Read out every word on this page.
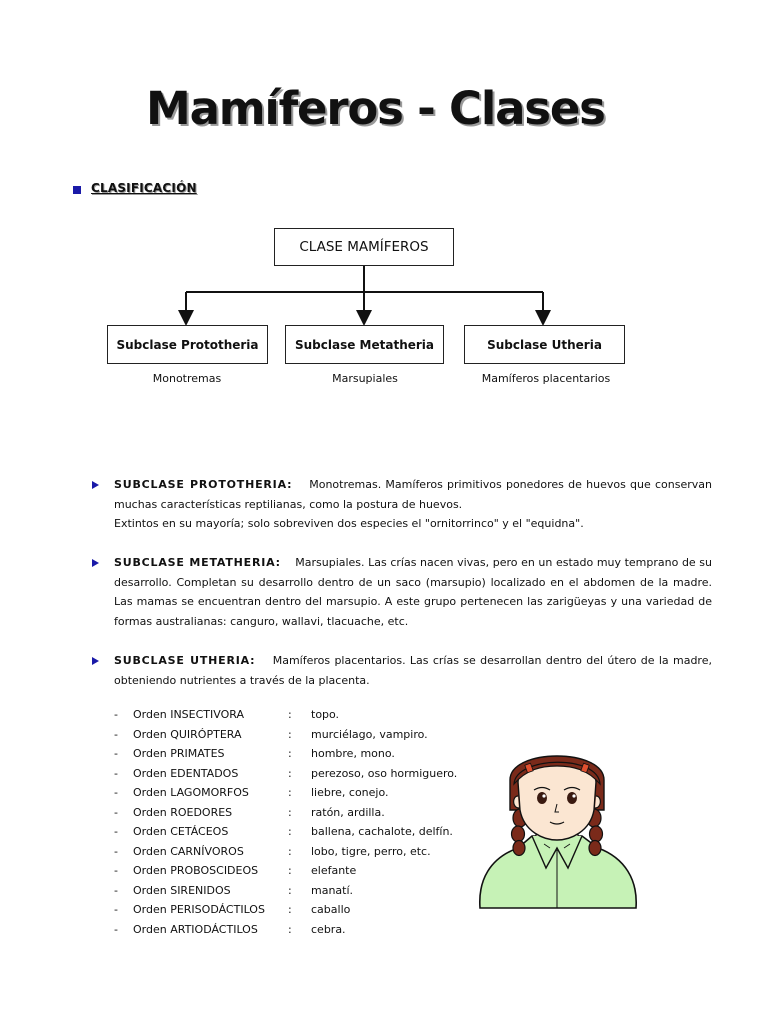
Mamíferos - Clases
CLASIFICACIÓN
CLASE MAMÍFEROS
Subclase Prototheria	Subclase Metatheria	Subclase Utheria
Monotremas	Marsupiales	Mamíferos placentarios
SUBCLASE PROTOTHERIA: Monotremas. Mamíferos primitivos ponedores de huevos que conservan muchas características reptilianas, como la postura de huevos.
Extintos en su mayoría; solo sobreviven dos especies el "ornitorrinco" y el "equidna".
SUBCLASE METATHERIA: Marsupiales. Las crías nacen vivas, pero en un estado muy temprano de su desarrollo. Completan su desarrollo dentro de un saco (marsupio) localizado en el abdomen de la madre. Las mamas se encuentran dentro del marsupio. A este grupo pertenecen las zarigüeyas y una variedad de formas australianas: canguro, wallavi, tlacuache, etc.
SUBCLASE UTHERIA: Mamíferos placentarios. Las crías se desarrollan dentro del útero de la madre, obteniendo nutrientes a través de la placenta.
- Orden INSECTIVORA	: topo.
- Orden QUIRÓPTERA	: murciélago, vampiro.
- Orden PRIMATES	: hombre, mono.
- Orden EDENTADOS	: perezoso, oso hormiguero.
- Orden LAGOMORFOS	: liebre, conejo.
- Orden ROEDORES	: ratón, ardilla.
- Orden CETÁCEOS	: ballena, cachalote, delfín.
- Orden CARNÍVOROS	: lobo, tigre, perro, etc.
- Orden PROBOSCIDEOS	: elefante
- Orden SIRENIDOS	: manatí.
- Orden PERISODÁCTILOS : caballo
- Orden ARTIODÁCTILOS	: cebra.
